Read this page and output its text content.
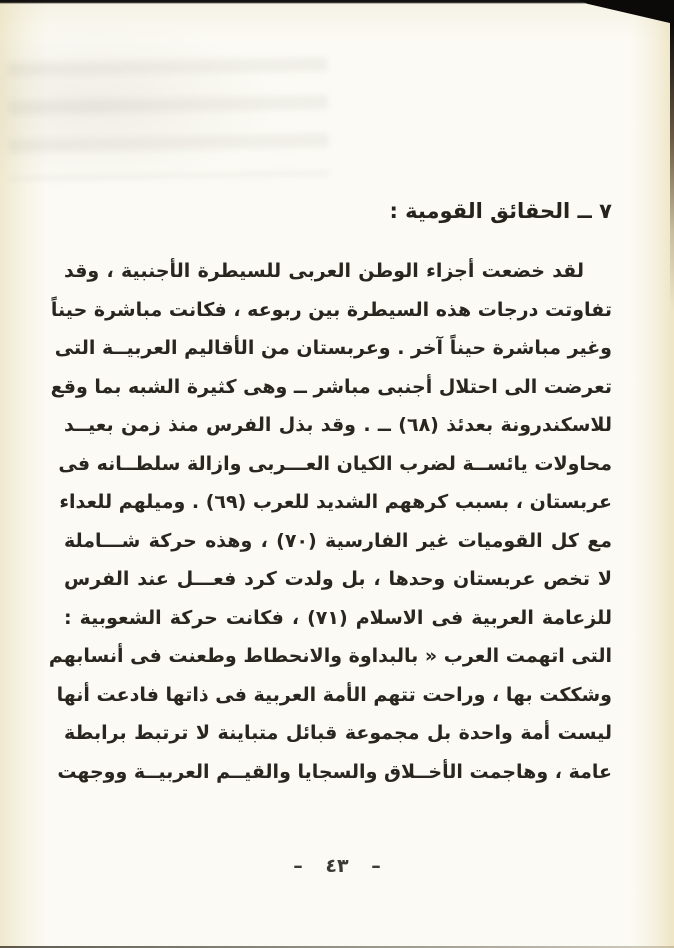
٧ ــ الحقائق القومية :
لقد خضعت أجزاء الوطن العربى للسيطرة الأجنبية ، وقد
تفاوتت درجات هذه السيطرة بين ربوعه ، فكانت مباشرة حيناً
وغير مباشرة حيناً آخر . وعربستان من الأقاليم العربيــة التى
تعرضت الى احتلال أجنبى مباشر ــ وهى كثيرة الشبه بما وقع
للاسكندرونة بعدئذ (٦٨) ــ . وقد بذل الفرس منذ زمن بعيــد
محاولات يائســة لضرب الكيان العـــربى وازالة سلطــانه فى
عربستان ، بسبب كرههم الشديد للعرب (٦٩) . وميلهم للعداء
مع كل القوميات غير الفارسية (٧٠) ، وهذه حركة شـــاملة
لا تخص عربستان وحدها ، بل ولدت كرد فعـــل عند الفرس
للزعامة العربية فى الاسلام (٧١) ، فكانت حركة الشعوبية :
التى اتهمت العرب « بالبداوة والانحطاط وطعنت فى أنسابهم
وشككت بها ، وراحت تتهم الأمة العربية فى ذاتها فادعت أنها
ليست أمة واحدة بل مجموعة قبائل متباينة لا ترتبط برابطة
عامة ، وهاجمت الأخــلاق والسجايا والقيــم العربيــة ووجهت
– ٤٣ –
